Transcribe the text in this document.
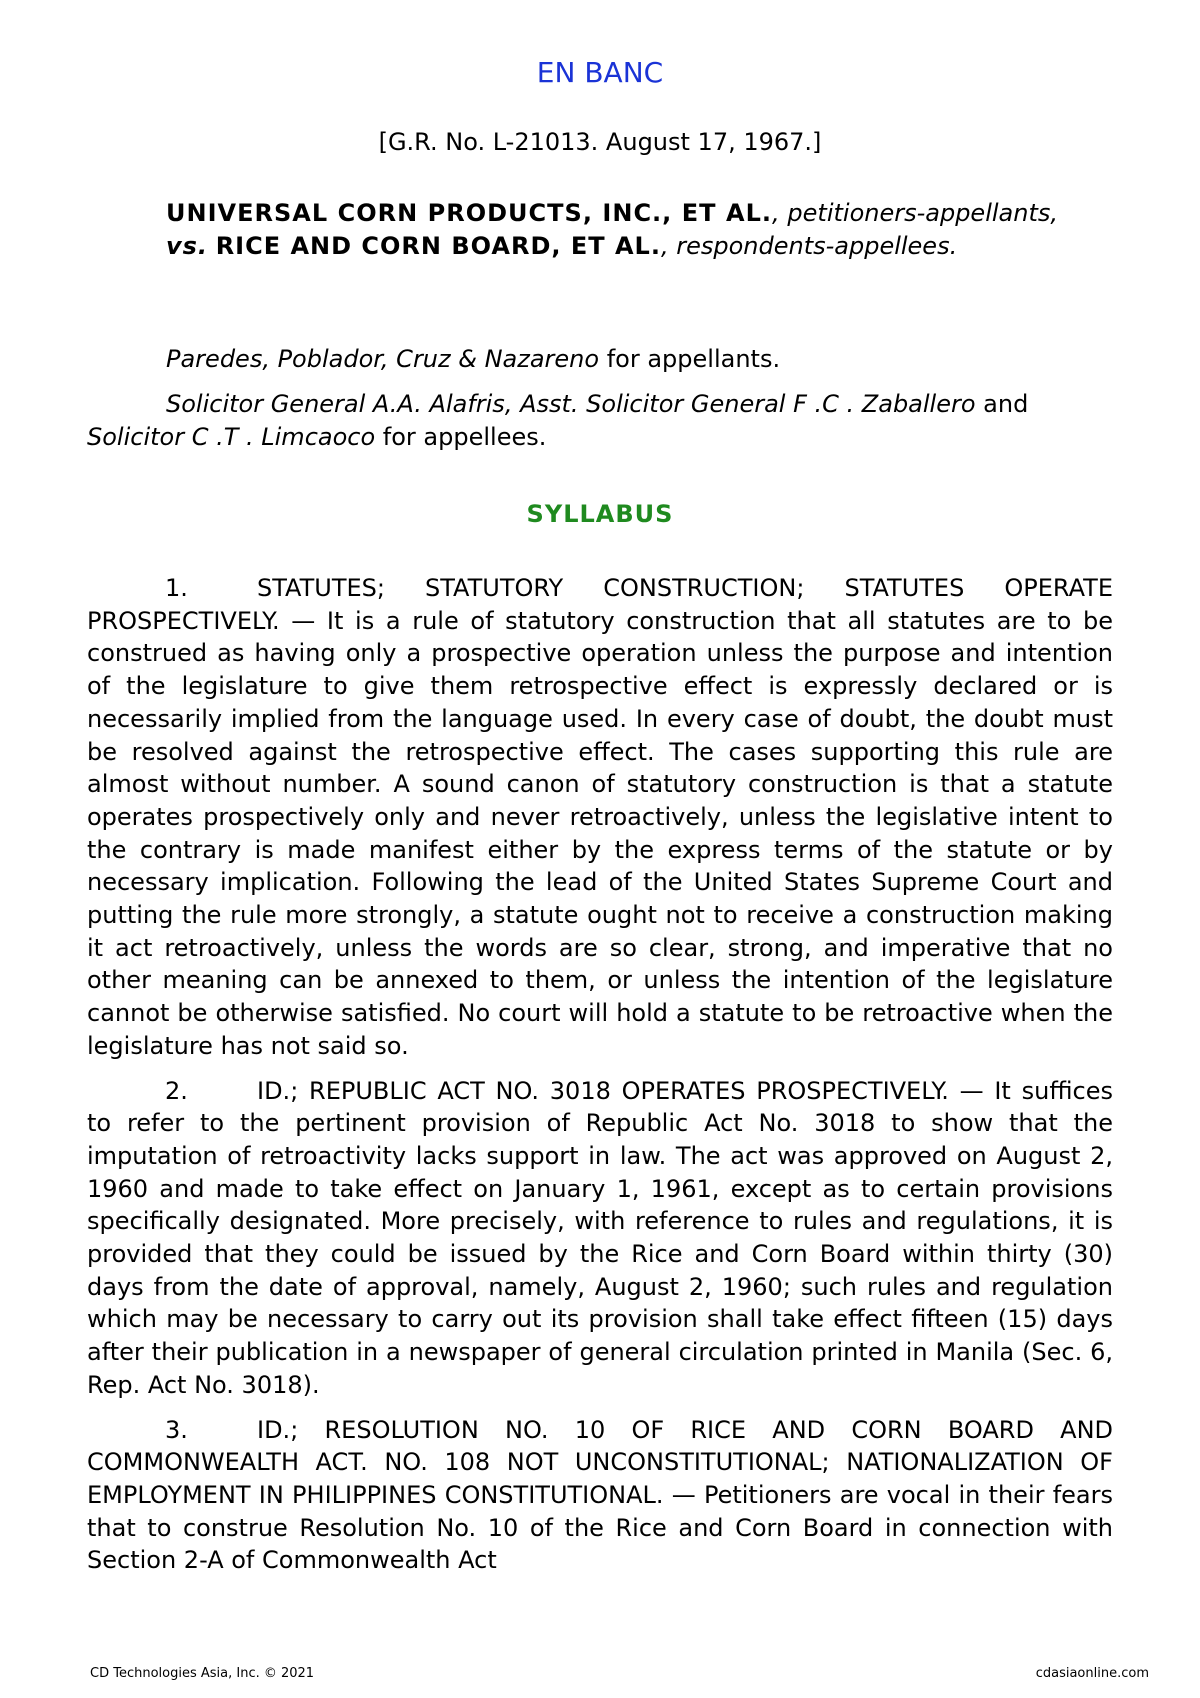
EN BANC
[G.R. No. L-21013. August 17, 1967.]
UNIVERSAL CORN PRODUCTS, INC., ET AL., petitioners-appellants, vs. RICE AND CORN BOARD, ET AL., respondents-appellees.
Paredes, Poblador, Cruz & Nazareno for appellants.
Solicitor General A.A. Alafris, Asst. Solicitor General F .C . Zaballero and Solicitor C .T . Limcaoco for appellees.
SYLLABUS

1.	STATUTES; STATUTORY CONSTRUCTION; STATUTES OPERATE PROSPECTIVELY. — It is a rule of statutory construction that all statutes are to be construed as having only a prospective operation unless the purpose and intention of the legislature to give them retrospective effect is expressly declared or is necessarily implied from the language used. In every case of doubt, the doubt must be resolved against the retrospective effect. The cases supporting this rule are almost without number. A sound canon of statutory construction is that a statute operates prospectively only and never retroactively, unless the legislative intent to the contrary is made manifest either by the express terms of the statute or by necessary implication. Following the lead of the United States Supreme Court and putting the rule more strongly, a statute ought not to receive a construction making it act retroactively, unless the words are so clear, strong, and imperative that no other meaning can be annexed to them, or unless the intention of the legislature cannot be otherwise satisfied. No court will hold a statute to be retroactive when the legislature has not said so.

2.	ID.; REPUBLIC ACT NO. 3018 OPERATES PROSPECTIVELY. — It suffices to refer to the pertinent provision of Republic Act No. 3018 to show that the imputation of retroactivity lacks support in law. The act was approved on August 2, 1960 and made to take effect on January 1, 1961, except as to certain provisions specifically designated. More precisely, with reference to rules and regulations, it is provided that they could be issued by the Rice and Corn Board within thirty (30) days from the date of approval, namely, August 2, 1960; such rules and regulation which may be necessary to carry out its provision shall take effect fifteen (15) days after their publication in a newspaper of general circulation printed in Manila (Sec. 6, Rep. Act No. 3018).

3.	ID.; RESOLUTION NO. 10 OF RICE AND CORN BOARD AND COMMONWEALTH ACT. NO. 108 NOT UNCONSTITUTIONAL; NATIONALIZATION OF EMPLOYMENT IN PHILIPPINES CONSTITUTIONAL. — Petitioners are vocal in their fears that to construe Resolution No. 10 of the Rice and Corn Board in connection with Section 2-A of Commonwealth Act

CD Technologies Asia, Inc. © 2021	cdasiaonline.com
